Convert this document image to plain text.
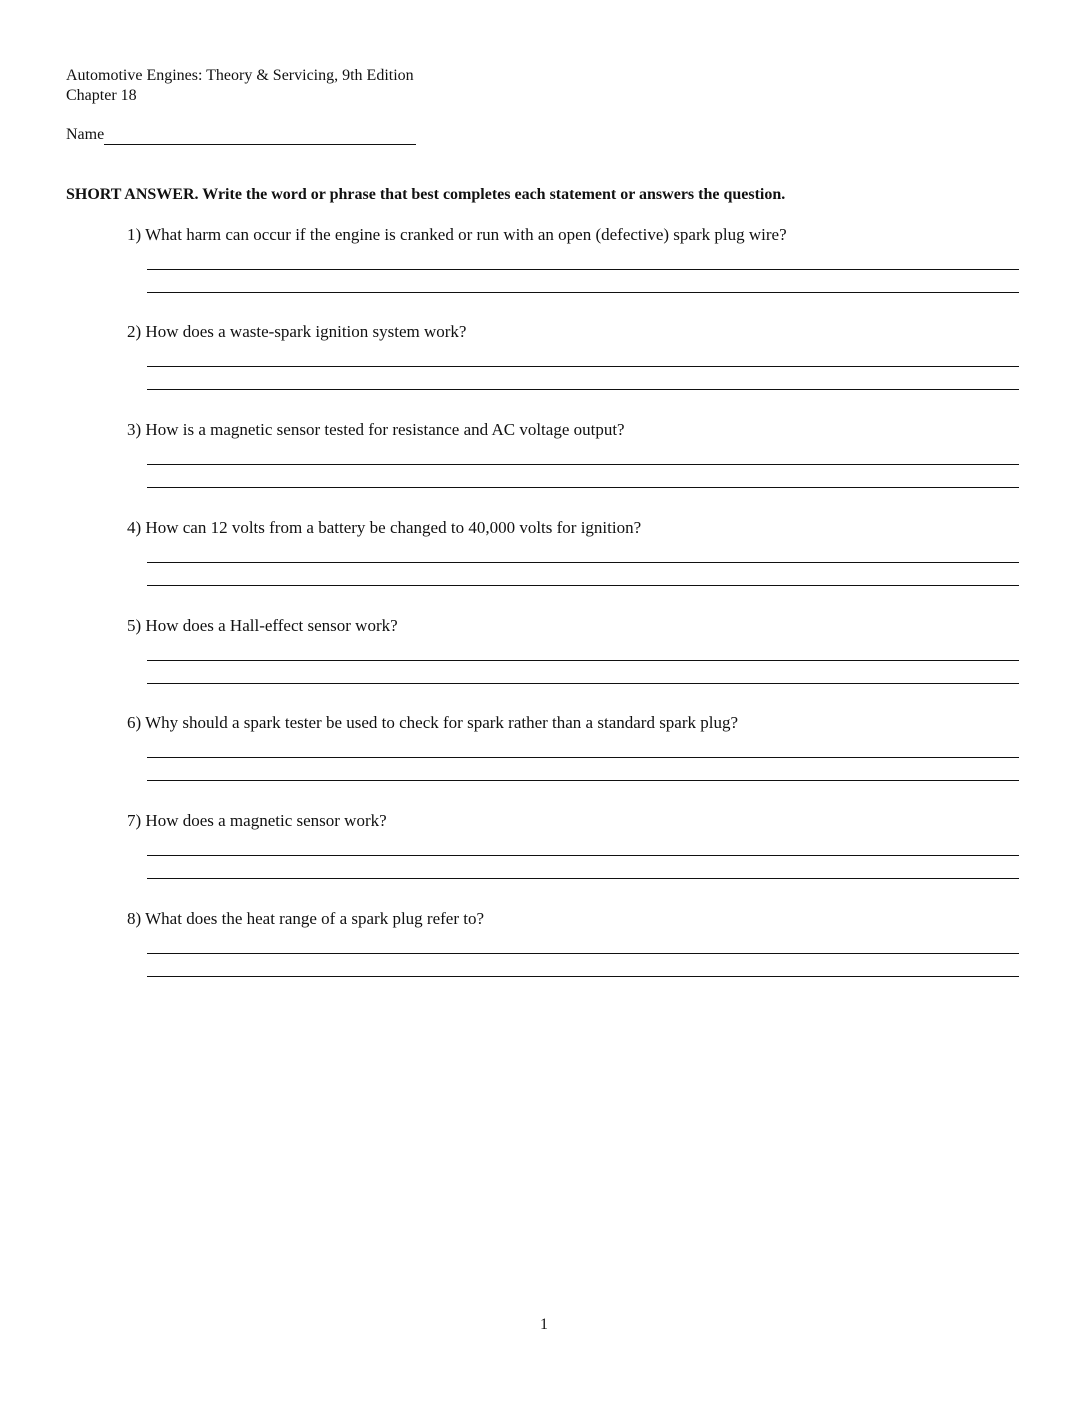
Automotive Engines: Theory & Servicing, 9th Edition
Chapter 18
Name
SHORT ANSWER. Write the word or phrase that best completes each statement or answers the question.
1) What harm can occur if the engine is cranked or run with an open (defective) spark plug wire?
2) How does a waste-spark ignition system work?
3) How is a magnetic sensor tested for resistance and AC voltage output?
4) How can 12 volts from a battery be changed to 40,000 volts for ignition?
5) How does a Hall-effect sensor work?
6) Why should a spark tester be used to check for spark rather than a standard spark plug?
7) How does a magnetic sensor work?
8) What does the heat range of a spark plug refer to?
1
